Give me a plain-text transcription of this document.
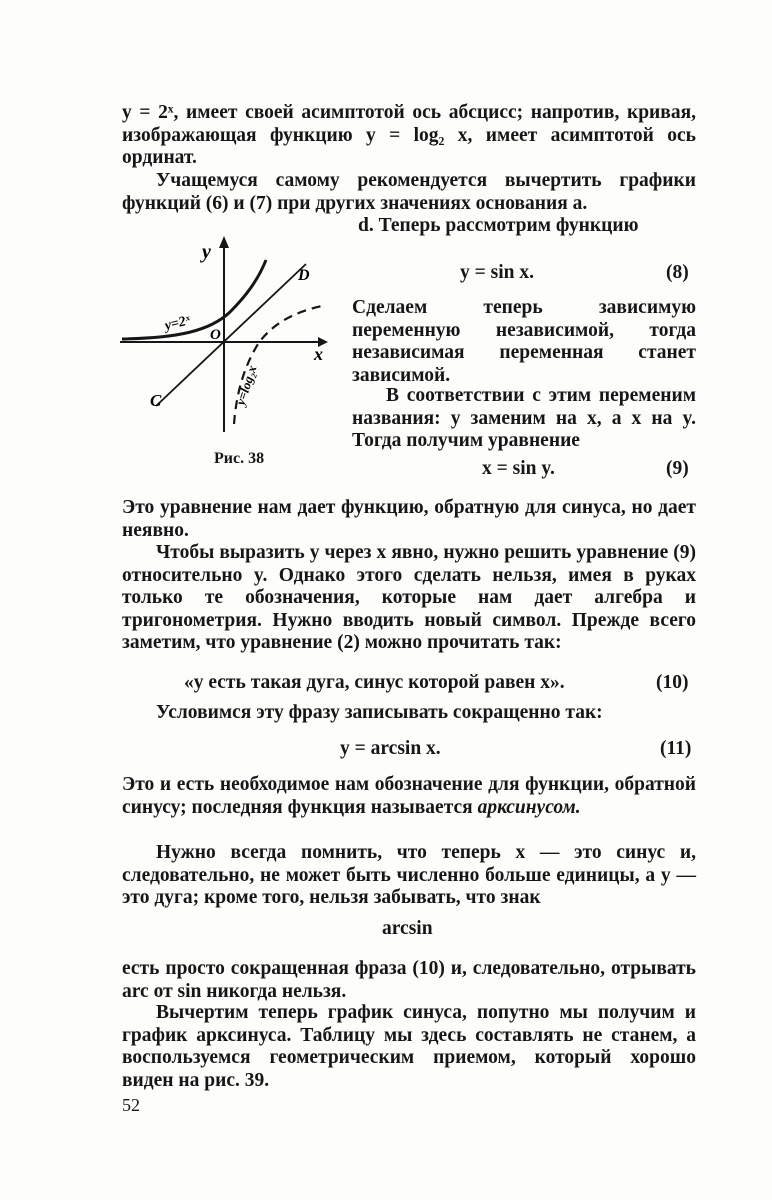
y = 2ˣ, имеет своей асимптотой ось абсцисс; напротив, кривая, изображающая функцию y = log₂ x, имеет асимптотой ось ординат.
Учащемуся самому рекомендуется вычертить графики функций (6) и (7) при других значениях основания a.
y
x
O
D
C
y=2ˣ
y=log₂x
Рис. 38
d. Теперь рассмотрим функцию
y = sin x.	(8)
Сделаем теперь зависимую переменную независимой, тогда независимая переменная станет зависимой.
В соответствии с этим переменим названия: y заменим на x, а x на y. Тогда получим уравнение
x = sin y.	(9)
Это уравнение нам дает функцию, обратную для синуса, но дает неявно.
Чтобы выразить y через x явно, нужно решить уравнение (9) относительно y. Однако этого сделать нельзя, имея в руках только те обозначения, которые нам дает алгебра и тригонометрия. Нужно вводить новый символ. Прежде всего заметим, что уравнение (2) можно прочитать так:
«y есть такая дуга, синус которой равен x».	(10)
Условимся эту фразу записывать сокращенно так:
y = arcsin x.	(11)
Это и есть необходимое нам обозначение для функции, обратной синусу; последняя функция называется арксинусом.
Нужно всегда помнить, что теперь x — это синус и, следовательно, не может быть численно больше единицы, а y — это дуга; кроме того, нельзя забывать, что знак
arcsin
есть просто сокращенная фраза (10) и, следовательно, отрывать arc от sin никогда нельзя.
Вычертим теперь график синуса, попутно мы получим и график арксинуса. Таблицу мы здесь составлять не станем, а воспользуемся геометрическим приемом, который хорошо виден на рис. 39.
52
